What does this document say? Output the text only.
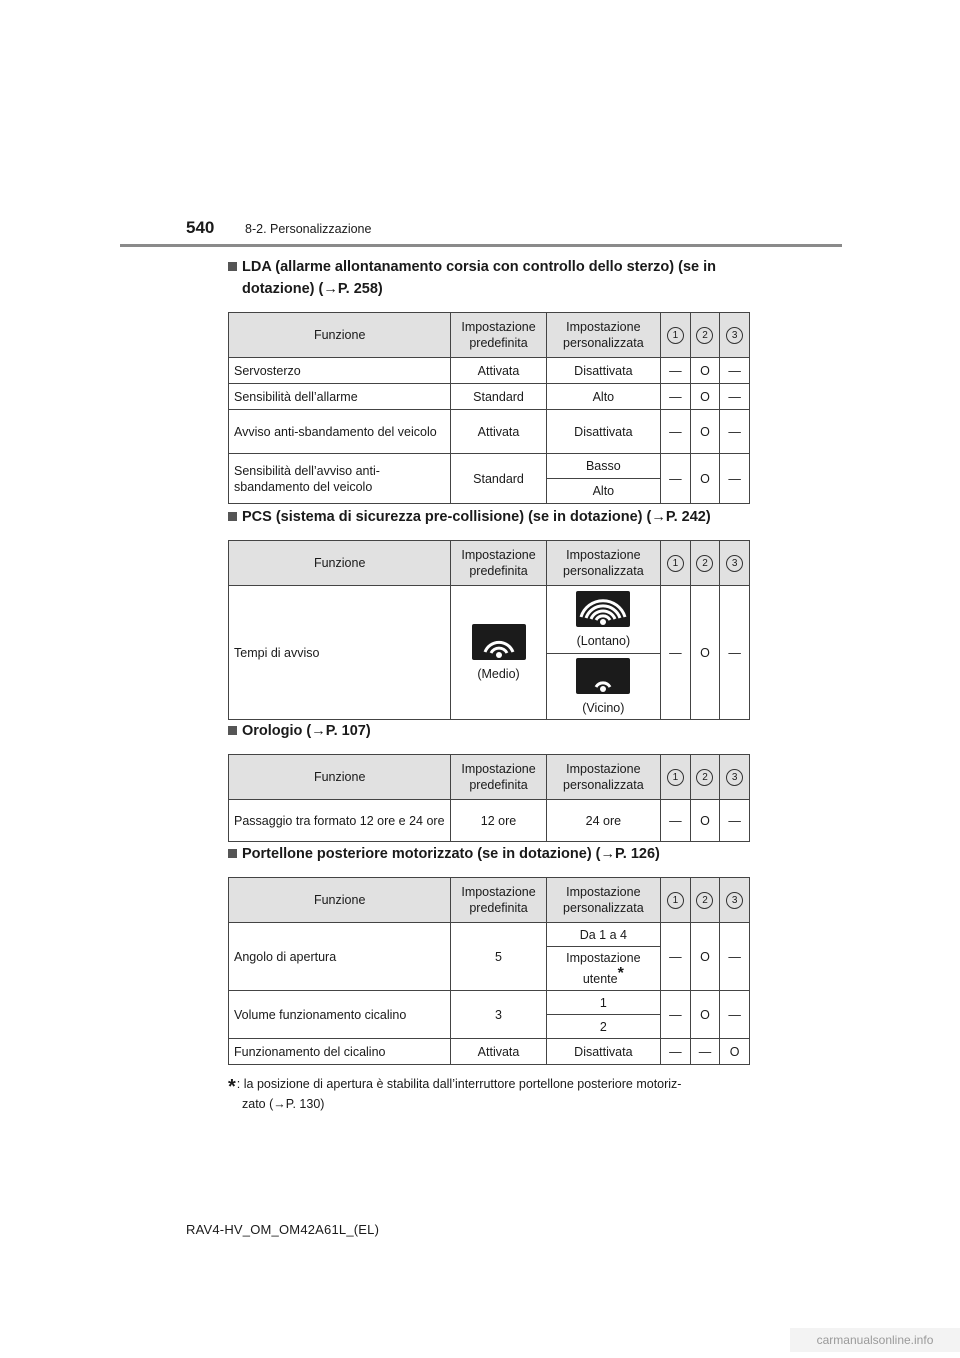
540 8-2. Personalizzazione
LDA (allarme allontanamento corsia con controllo dello sterzo) (se in
dotazione) (→P. 258)
Funzione	Impostazione predefinita	Impostazione personalizzata	1	2	3
Servosterzo	Attivata	Disattivata	—	O	—
Sensibilità dell’allarme	Standard	Alto	—	O	—
Avviso anti-sbandamento del veicolo	Attivata	Disattivata	—	O	—
Sensibilità dell’avviso anti-sbandamento del veicolo	Standard	Basso	—	O	—
		Alto			
PCS (sistema di sicurezza pre-collisione) (se in dotazione) (→P. 242)
Funzione	Impostazione predefinita	Impostazione personalizzata	1	2	3
Tempi di avviso	(Medio)	(Lontano)	—	O	—

		(Vicino)			
Orologio (→P. 107)
Funzione	Impostazione predefinita	Impostazione personalizzata	1	2	3
Passaggio tra formato 12 ore e 24 ore	12 ore	24 ore	—	O	—
Portellone posteriore motorizzato (se in dotazione) (→P. 126)
Funzione	Impostazione predefinita	Impostazione personalizzata	1	2	3
Angolo di apertura	5	Da 1 a 4	—	O	—
		Impostazione utente*
Volume funzionamento cicalino	3	1	—	O	—
		2			
Funzionamento del cicalino	Attivata	Disattivata	—	—	O
*: la posizione di apertura è stabilita dall’interruttore portellone posteriore motoriz-
zato (→P. 130)
RAV4-HV_OM_OM42A61L_(EL)
carmanualsonline.info
